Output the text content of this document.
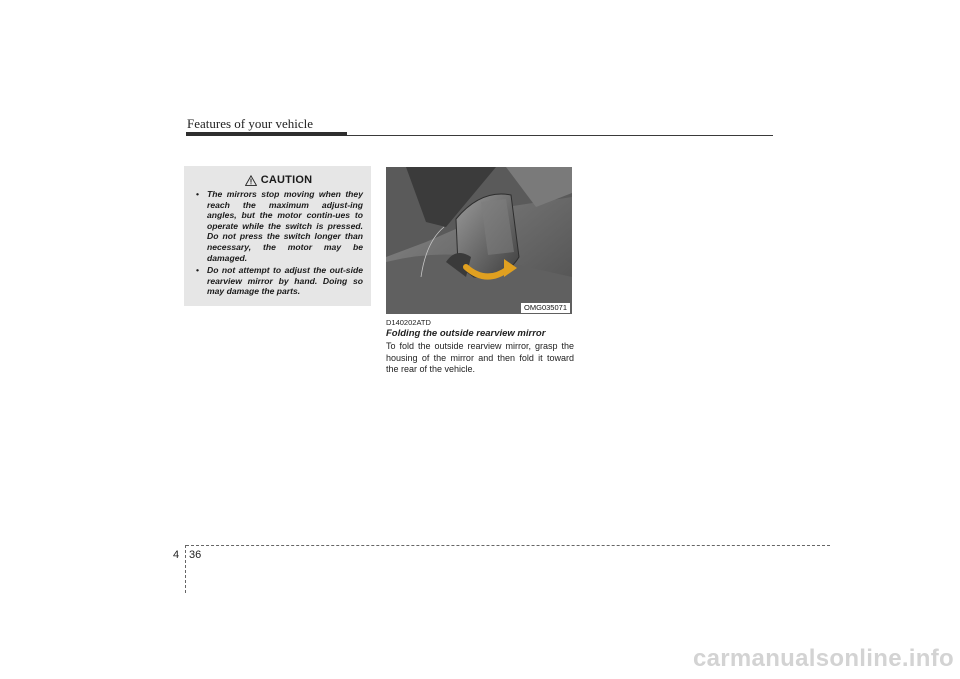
Features of your vehicle
CAUTION
• The mirrors stop moving when they reach the maximum adjust-ing angles, but the motor contin-ues to operate while the switch is pressed. Do not press the switch longer than necessary, the motor may be damaged.
• Do not attempt to adjust the out-side rearview mirror by hand. Doing so may damage the parts.
OMG035071
D140202ATD
Folding the outside rearview mirror
To fold the outside rearview mirror, grasp the housing of the mirror and then fold it toward the rear of the vehicle.
4 36
carmanualsonline.info
